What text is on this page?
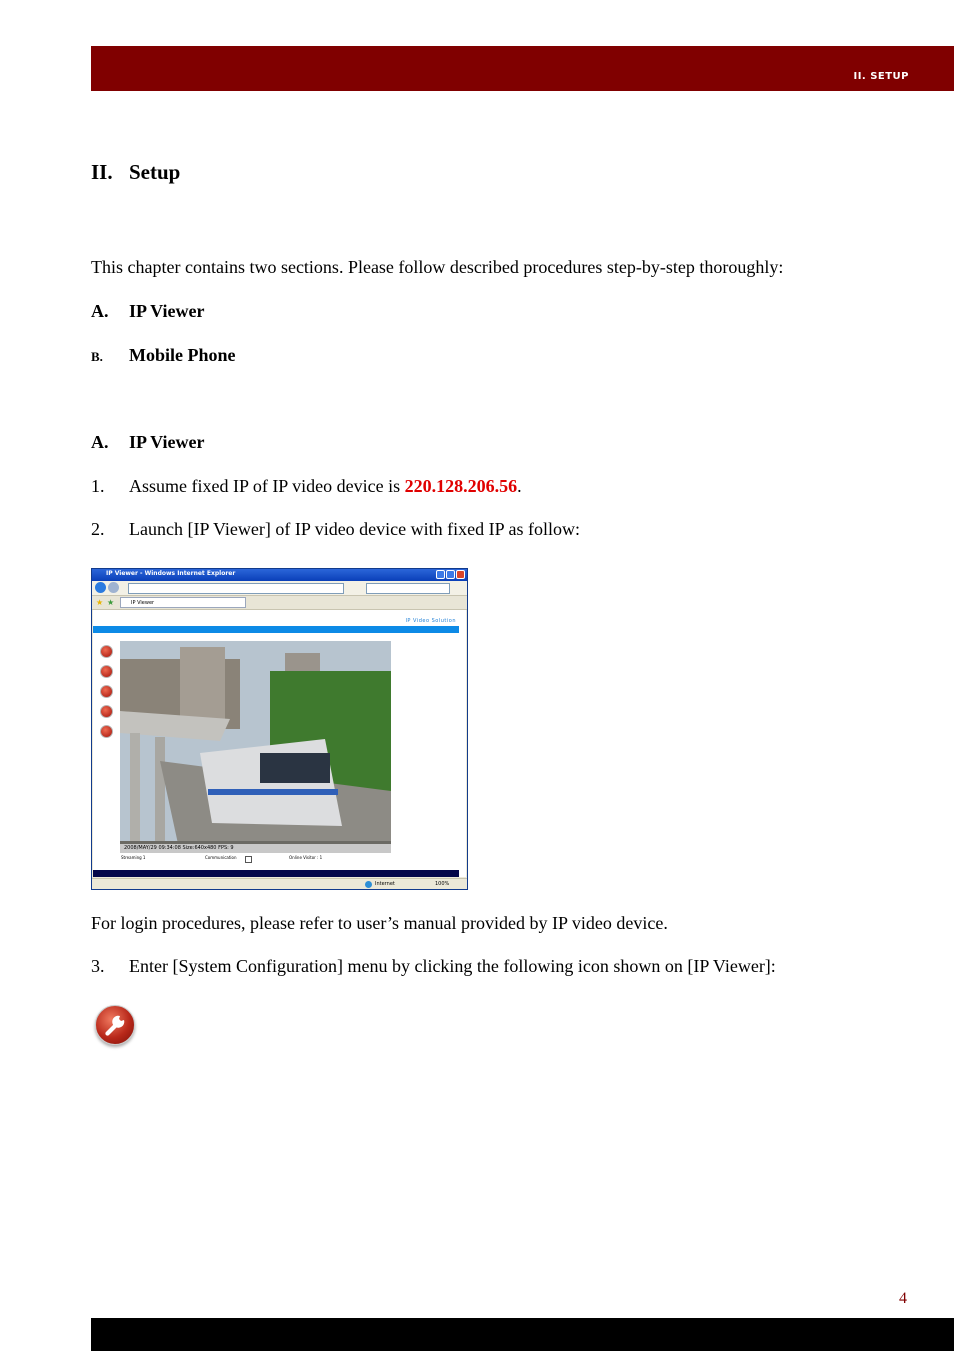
II. SETUP
II. Setup
This chapter contains two sections. Please follow described procedures step-by-step thoroughly:
A. IP Viewer
B. Mobile Phone
A. IP Viewer
1. Assume fixed IP of IP video device is 220.128.206.56.
2. Launch [IP Viewer] of IP video device with fixed IP as follow:
IP Viewer - Windows Internet Explorer
★ ★	IP Viewer
IP Video Solution
2008/MAY/29 09:34:08 Size:640x480 FPS: 9
Streaming 1	Communication	Online Visitor : 1
Internet	100%
For login procedures, please refer to user’s manual provided by IP video device.
3. Enter [System Configuration] menu by clicking the following icon shown on [IP Viewer]:
4
